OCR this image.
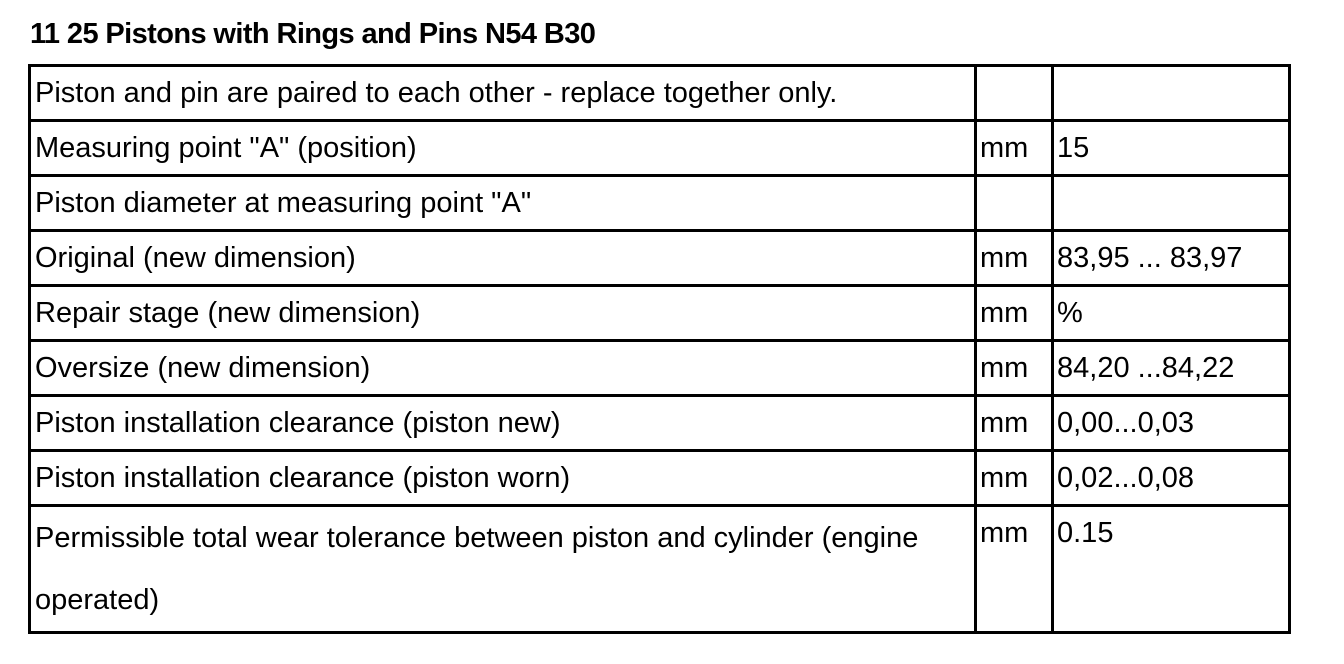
11 25 Pistons with Rings and Pins N54 B30
Piston and pin are paired to each other - replace together only.		
Measuring point "A" (position)	mm	15
Piston diameter at measuring point "A"		
Original (new dimension)	mm	83,95 ... 83,97
Repair stage (new dimension)	mm	%
Oversize (new dimension)	mm	84,20 ...84,22
Piston installation clearance (piston new)	mm	0,00...0,03
Piston installation clearance (piston worn)	mm	0,02...0,08
Permissible total wear tolerance between piston and cylinder (engine operated)	mm	0.15
